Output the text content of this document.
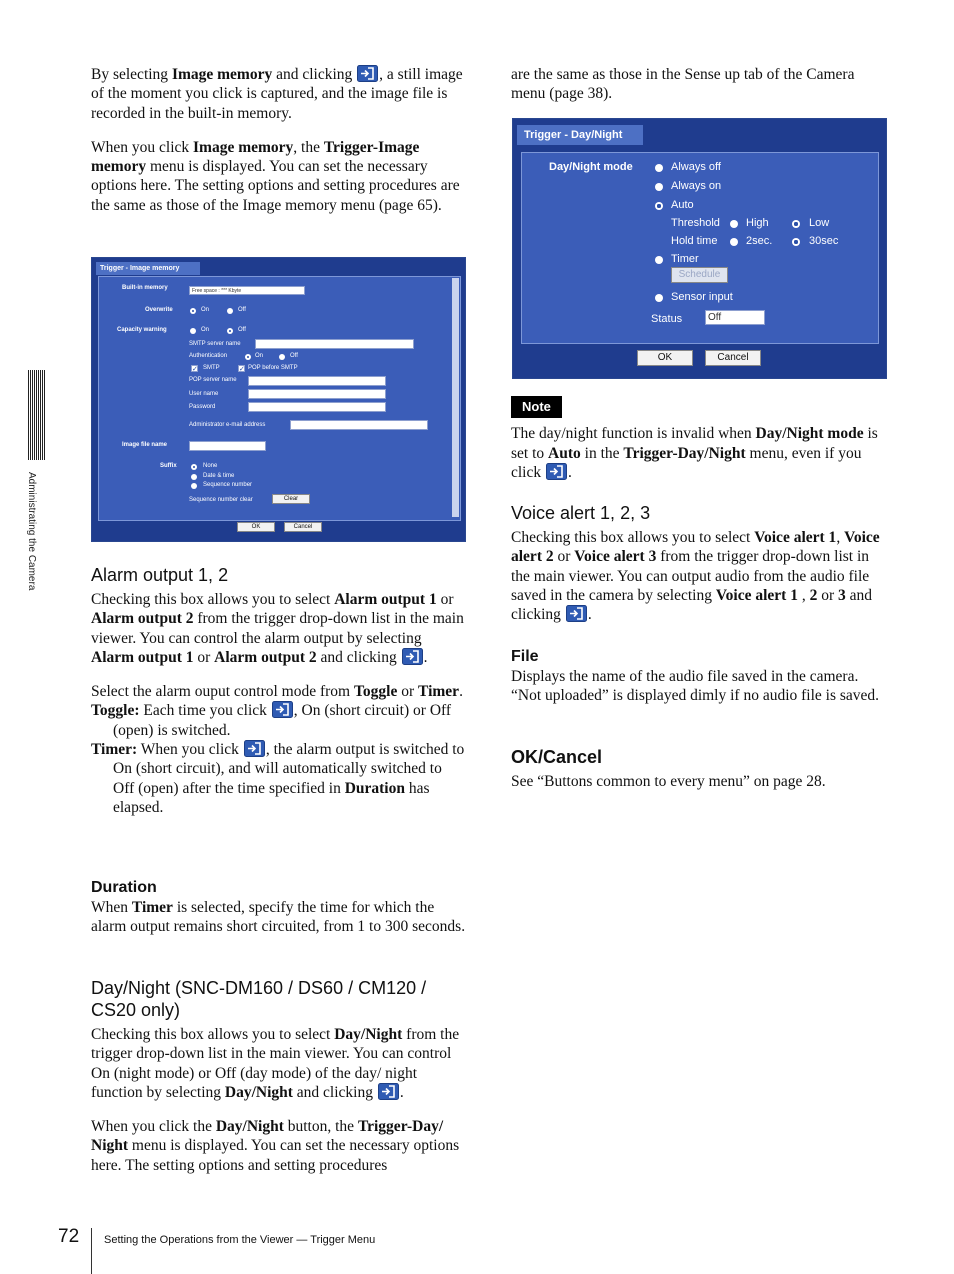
By selecting Image memory and clicking , a still image of the moment you click is captured, and the image file is recorded in the built-in memory.

When you click Image memory, the Trigger-Image memory menu is displayed. You can set the necessary options here. The setting options and setting procedures are the same as those of the Image memory menu (page 65).

Trigger - Image memory
Built-in memory	Free space : *** Kbyte
Overwrite	On	Off
Capacity warning	On	Off
SMTP server name
Authentication	On	Off
✓ SMTP	✓ POP before SMTP
POP server name
User name
Password
Administrator e-mail address
Image file name
Suffix	None
Date & time
Sequence number
Sequence number clear	Clear
OK	Cancel
Alarm output 1, 2

Checking this box allows you to select Alarm output 1 or Alarm output 2 from the trigger drop-down list in the main viewer. You can control the alarm output by selecting Alarm output 1 or Alarm output 2 and clicking .

Select the alarm ouput control mode from Toggle or Timer.

Toggle: Each time you click , On (short circuit) or Off (open) is switched.

Timer: When you click , the alarm output is switched to On (short circuit), and will automatically switched to Off (open) after the time specified in Duration has elapsed.

Duration

When Timer is selected, specify the time for which the alarm output remains short circuited, from 1 to 300 seconds.

Day/Night (SNC-DM160 / DS60 / CM120 / CS20 only)

Checking this box allows you to select Day/Night from the trigger drop-down list in the main viewer. You can control On (night mode) or Off (day mode) of the day/ night function by selecting Day/Night and clicking .

When you click the Day/Night button, the Trigger-Day/ Night menu is displayed. You can set the necessary options here. The setting options and setting procedures

are the same as those in the Sense up tab of the Camera menu (page 38).

Trigger - Day/Night
Day/Night mode	Always off
Always on
Auto
Threshold High	Low
Hold time	2sec.	30sec
Timer
Schedule
Sensor input
Status	Off
OK	Cancel
Note

The day/night function is invalid when Day/Night mode is set to Auto in the Trigger-Day/Night menu, even if you click .

Voice alert 1, 2, 3

Checking this box allows you to select Voice alert 1, Voice alert 2 or Voice alert 3 from the trigger drop-down list in the main viewer. You can output audio from the audio file saved in the camera by selecting Voice alert 1 , 2 or 3 and clicking .

File

Displays the name of the audio file saved in the camera. “Not uploaded” is displayed dimly if no audio file is saved.

OK/Cancel

See “Buttons common to every menu” on page 28.

Administrating the Camera
72 Setting the Operations from the Viewer — Trigger Menu
